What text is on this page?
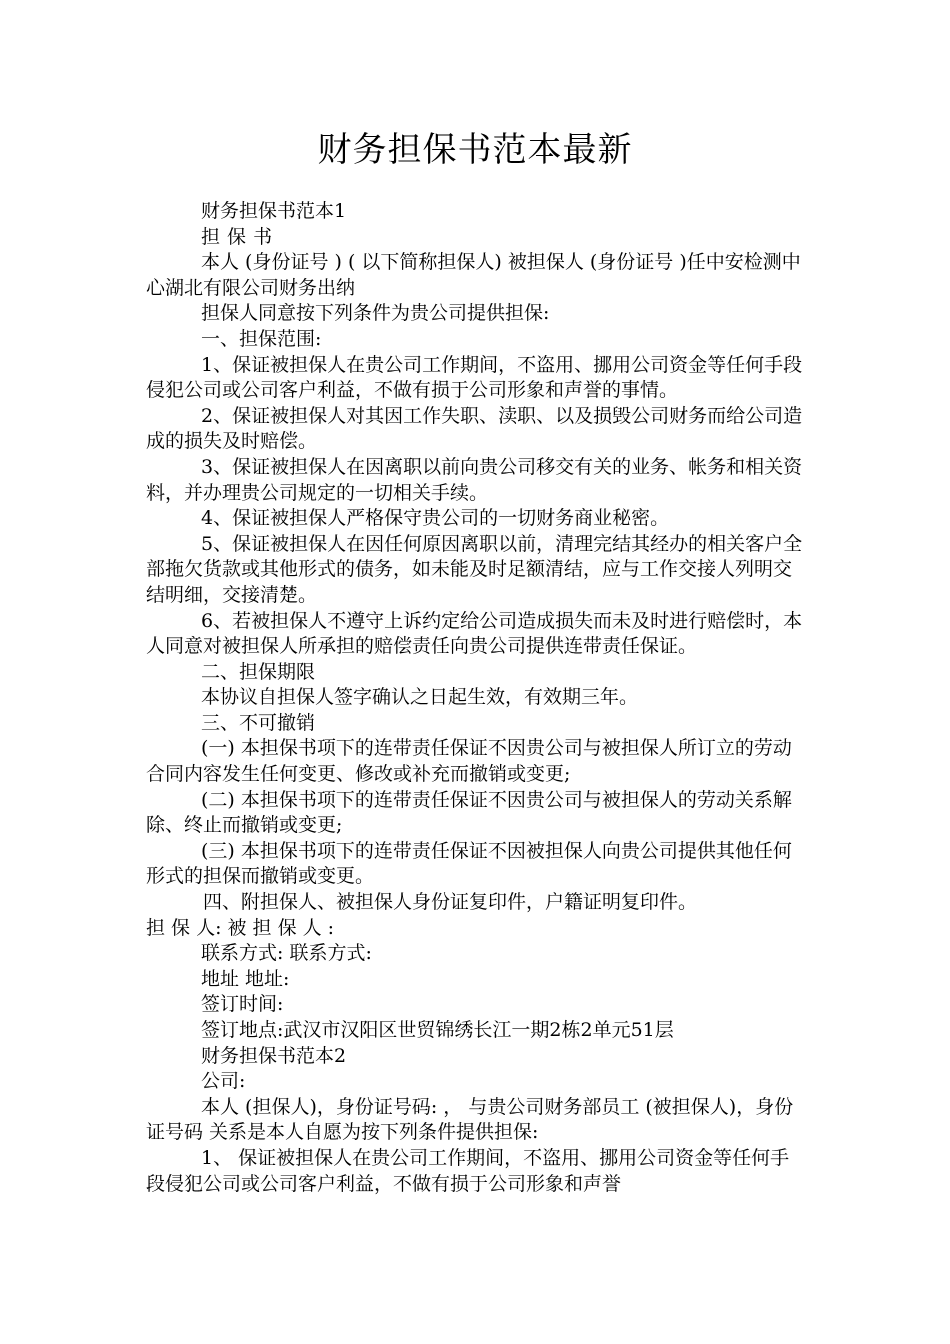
财务担保书范本最新

财务担保书范本1

担 保 书

本人 (身份证号 ) ( 以下简称担保人) 被担保人 (身份证号 )任中安检测中心湖北有限公司财务出纳

担保人同意按下列条件为贵公司提供担保:

一、担保范围:

1、保证被担保人在贵公司工作期间，不盗用、挪用公司资金等任何手段侵犯公司或公司客户利益，不做有损于公司形象和声誉的事情。

2、保证被担保人对其因工作失职、渎职、以及损毁公司财务而给公司造成的损失及时赔偿。

3、保证被担保人在因离职以前向贵公司移交有关的业务、帐务和相关资料，并办理贵公司规定的一切相关手续。

4、保证被担保人严格保守贵公司的一切财务商业秘密。

5、保证被担保人在因任何原因离职以前，清理完结其经办的相关客户全部拖欠货款或其他形式的债务，如未能及时足额清结，应与工作交接人列明交结明细，交接清楚。

6、若被担保人不遵守上诉约定给公司造成损失而未及时进行赔偿时，本人同意对被担保人所承担的赔偿责任向贵公司提供连带责任保证。

二、担保期限

本协议自担保人签字确认之日起生效，有效期三年。

三、不可撤销

(一) 本担保书项下的连带责任保证不因贵公司与被担保人所订立的劳动合同内容发生任何变更、修改或补充而撤销或变更;

(二) 本担保书项下的连带责任保证不因贵公司与被担保人的劳动关系解 除、终止而撤销或变更;

(三) 本担保书项下的连带责任保证不因被担保人向贵公司提供其他任何形式的担保而撤销或变更。

四、附担保人、被担保人身份证复印件，户籍证明复印件。

担 保 人: 被 担 保 人 :

联系方式: 联系方式:

地址 地址:

签订时间:

签订地点:武汉市汉阳区世贸锦绣长江一期2栋2单元51层

财务担保书范本2

公司:

本人 (担保人)，身份证号码: ， 与贵公司财务部员工 (被担保人)，身份证号码 关系是本人自愿为按下列条件提供担保:

1、 保证被担保人在贵公司工作期间，不盗用、挪用公司资金等任何手段侵犯公司或公司客户利益，不做有损于公司形象和声誉
